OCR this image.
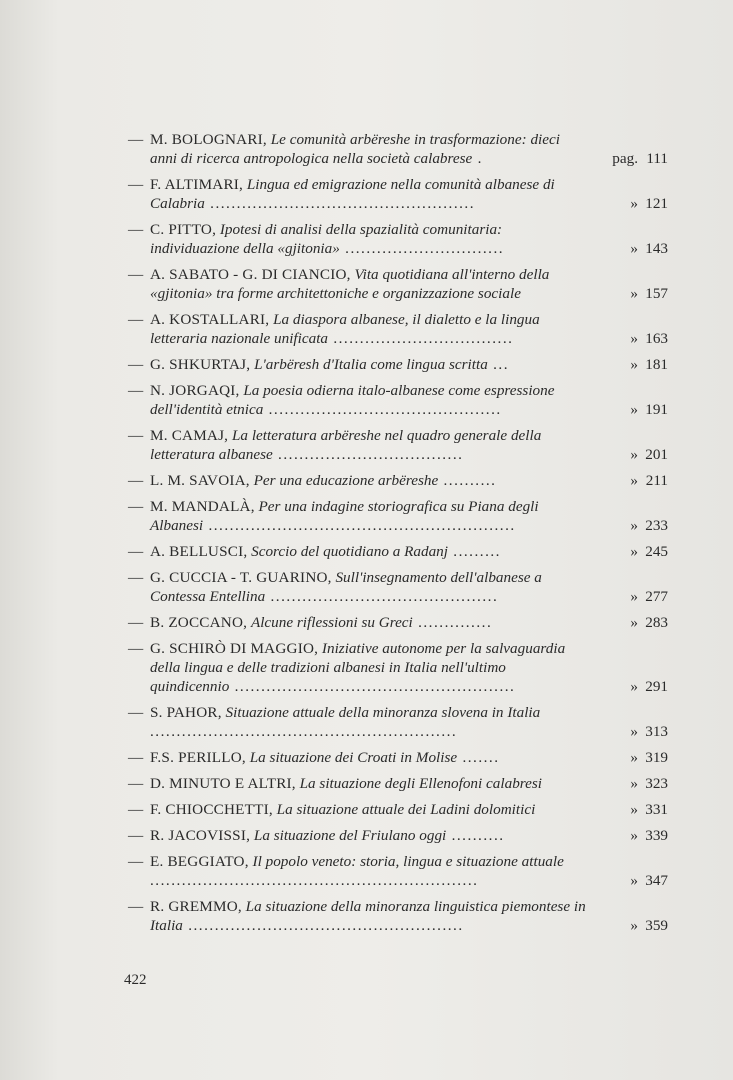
— M. BOLOGNARI, Le comunità arbëreshe in trasformazione: dieci anni di ricerca antropologica nella società calabrese .	pag. 111
— F. ALTIMARI, Lingua ed emigrazione nella comunità albanese di Calabria ..................................................	» 121
— C. PITTO, Ipotesi di analisi della spazialità comunitaria: individuazione della «gjitonia» ..............................	» 143
— A. SABATO - G. DI CIANCIO, Vita quotidiana all'interno della «gjitonia» tra forme architettoniche e organizzazione sociale	» 157
— A. KOSTALLARI, La diaspora albanese, il dialetto e la lingua letteraria nazionale unificata ..................................	» 163
— G. SHKURTAJ, L'arbëresh d'Italia come lingua scritta ...	» 181
— N. JORGAQI, La poesia odierna italo-albanese come espressione dell'identità etnica ............................................	» 191
— M. CAMAJ, La letteratura arbëreshe nel quadro generale della letteratura albanese ...................................	» 201
— L. M. SAVOIA, Per una educazione arbëreshe ..........	» 211
— M. MANDALÀ, Per una indagine storiografica su Piana degli Albanesi ..........................................................	» 233
— A. BELLUSCI, Scorcio del quotidiano a Radanj .........	» 245
— G. CUCCIA - T. GUARINO, Sull'insegnamento dell'albanese a Contessa Entellina ...........................................	» 277
— B. ZOCCANO, Alcune riflessioni su Greci ..............	» 283
— G. SCHIRÒ DI MAGGIO, Iniziative autonome per la salvaguardia della lingua e delle tradizioni albanesi in Italia nell'ultimo quindicennio .....................................................	» 291
— S. PAHOR, Situazione attuale della minoranza slovena in Italia ..........................................................	» 313
— F.S. PERILLO, La situazione dei Croati in Molise .......	» 319
— D. MINUTO E ALTRI, La situazione degli Ellenofoni calabresi	» 323
— F. CHIOCCHETTI, La situazione attuale dei Ladini dolomitici	» 331
— R. JACOVISSI, La situazione del Friulano oggi ..........	» 339
— E. BEGGIATO, Il popolo veneto: storia, lingua e situazione attuale ..............................................................	» 347
— R. GREMMO, La situazione della minoranza linguistica piemontese in Italia ....................................................	» 359
422
